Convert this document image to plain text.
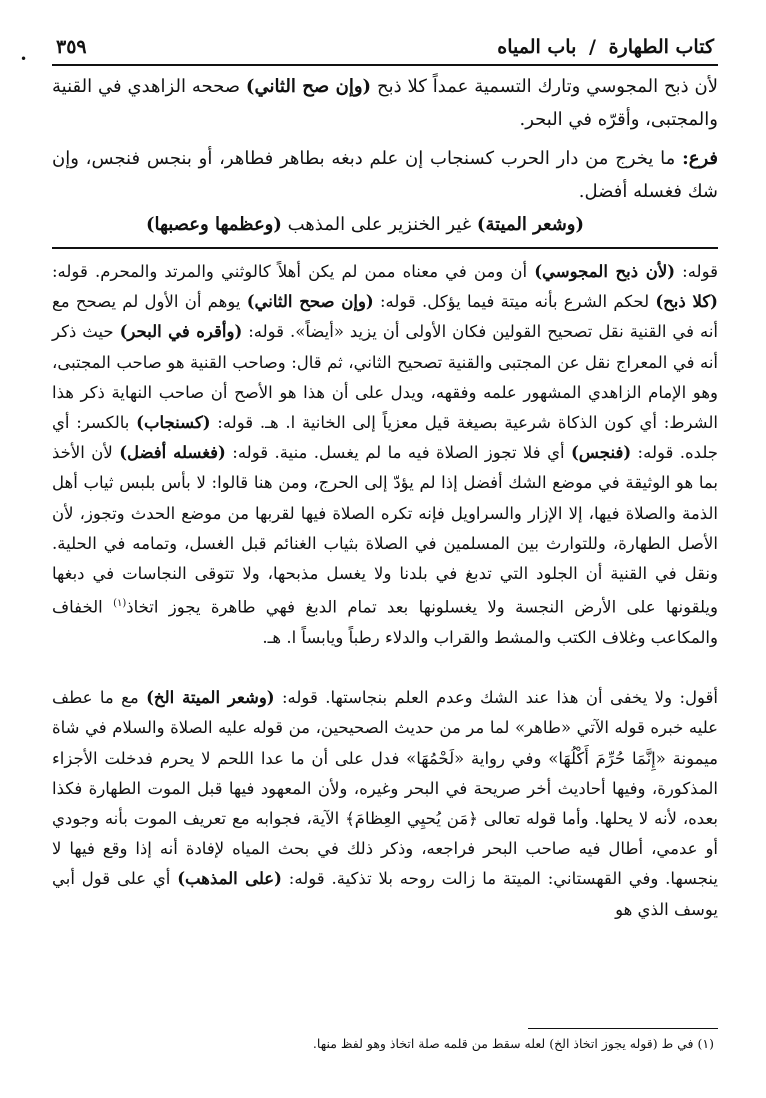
كتاب الطهارة / باب المياه
٣٥٩

لأن ذبح المجوسي وتارك التسمية عمداً كلا ذبح (وإن صح الثاني) صححه الزاهدي في القنية والمجتبى، وأقرّه في البحر.

فرع: ما يخرج من دار الحرب كسنجاب إن علم دبغه بطاهر فطاهر، أو بنجس فنجس، وإن شك فغسله أفضل.

(وشعر الميتة) غير الخنزير على المذهب (وعظمها وعصبها)

قوله: (لأن ذبح المجوسي) أن ومن في معناه ممن لم يكن أهلاً كالوثني والمرتد والمحرم. قوله: (كلا ذبح) لحكم الشرع بأنه ميتة فيما يؤكل. قوله: (وإن صحح الثاني) يوهم أن الأول لم يصحح مع أنه في القنية نقل تصحيح القولين فكان الأولى أن يزيد «أيضاً». قوله: (وأقره في البحر) حيث ذكر أنه في المعراج نقل عن المجتبى والقنية تصحيح الثاني، ثم قال: وصاحب القنية هو صاحب المجتبى، وهو الإمام الزاهدي المشهور علمه وفقهه، ويدل على أن هذا هو الأصح أن صاحب النهاية ذكر هذا الشرط: أي كون الذكاة شرعية بصيغة قيل معزياً إلى الخانية ا. هـ. قوله: (كسنجاب) بالكسر: أي جلده. قوله: (فنجس) أي فلا تجوز الصلاة فيه ما لم يغسل. منية. قوله: (فغسله أفضل) لأن الأخذ بما هو الوثيقة في موضع الشك أفضل إذا لم يؤدّ إلى الحرج، ومن هنا قالوا: لا بأس بلبس ثياب أهل الذمة والصلاة فيها، إلا الإزار والسراويل فإنه تكره الصلاة فيها لقربها من موضع الحدث وتجوز، لأن الأصل الطهارة، وللتوارث بين المسلمين في الصلاة بثياب الغنائم قبل الغسل، وتمامه في الحلية. ونقل في القنية أن الجلود التي تدبغ في بلدنا ولا يغسل مذبحها، ولا تتوقى النجاسات في دبغها ويلقونها على الأرض النجسة ولا يغسلونها بعد تمام الدبغ فهي طاهرة يجوز اتخاذ$^{(١)}$ الخفاف والمكاعب وغلاف الكتب والمشط والقراب والدلاء رطباً ويابساً ا. هـ.

أقول: ولا يخفى أن هذا عند الشك وعدم العلم بنجاستها. قوله: (وشعر الميتة الخ) مع ما عطف عليه خبره قوله الآتي «طاهر» لما مر من حديث الصحيحين، من قوله عليه الصلاة والسلام في شاة ميمونة «إِنَّمَا حُرِّمَ أَكْلُهَا» وفي رواية «لَحْمُهَا» فدل على أن ما عدا اللحم لا يحرم فدخلت الأجزاء المذكورة، وفيها أحاديث أخر صريحة في البحر وغيره، ولأن المعهود فيها قبل الموت الطهارة فكذا بعده، لأنه لا يحلها. وأما قوله تعالى ﴿مَن يُحيِي العِظامَ﴾ الآية، فجوابه مع تعريف الموت بأنه وجودي أو عدمي، أطال فيه صاحب البحر فراجعه، وذكر ذلك في بحث المياه لإفادة أنه إذا وقع فيها لا ينجسها. وفي القهستاني: الميتة ما زالت روحه بلا تذكية. قوله: (على المذهب) أي على قول أبي يوسف الذي هو

(١) في ط (قوله يجوز اتخاذ الخ) لعله سقط من قلمه صلة اتخاذ وهو لفظ منها.
•
